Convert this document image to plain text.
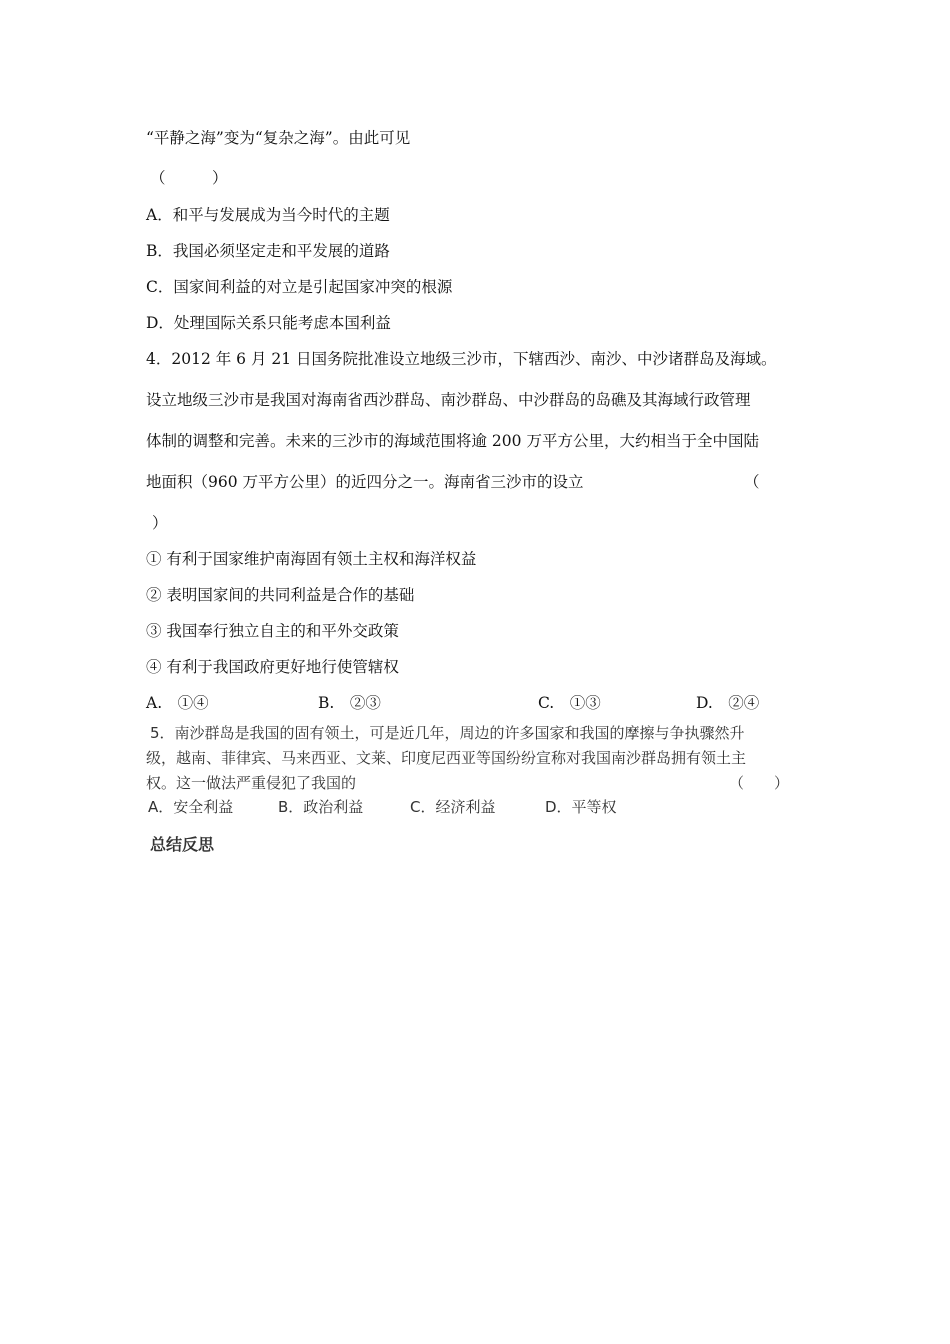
“平静之海”变为“复杂之海”。由此可见
（　　　）
A．和平与发展成为当今时代的主题
B．我国必须坚定走和平发展的道路
C．国家间利益的对立是引起国家冲突的根源
D．处理国际关系只能考虑本国利益
4．2012 年 6 月 21 日国务院批准设立地级三沙市，下辖西沙、南沙、中沙诸群岛及海域。
设立地级三沙市是我国对海南省西沙群岛、南沙群岛、中沙群岛的岛礁及其海域行政管理
体制的调整和完善。未来的三沙市的海域范围将逾 200 万平方公里，大约相当于全中国陆
地面积（960 万平方公里）的近四分之一。海南省三沙市的设立	（
）
① 有利于国家维护南海固有领土主权和海洋权益
② 表明国家间的共同利益是合作的基础
③ 我国奉行独立自主的和平外交政策
④ 有利于我国政府更好地行使管辖权
A.　①④	B.　②③	C.　①③	D.　②④
5．南沙群岛是我国的固有领土，可是近几年，周边的许多国家和我国的摩擦与争执骤然升
级，越南、菲律宾、马来西亚、文莱、印度尼西亚等国纷纷宣称对我国南沙群岛拥有领土主
权。这一做法严重侵犯了我国的	（　　）
A．安全利益	B．政治利益	C．经济利益	D．平等权
总结反思
